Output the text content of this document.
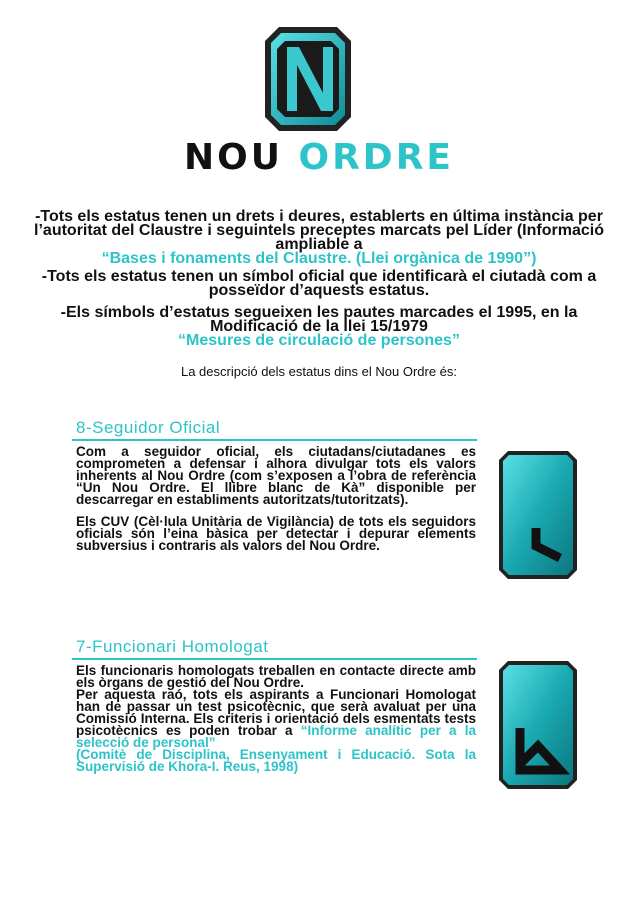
NOU ORDRE
-Tots els estatus tenen un drets i deures, establerts en última instància per l’autoritat del Claustre i seguintels preceptes marcats pel Líder (Informació ampliable a
“Bases i fonaments del Claustre. (Llei orgànica de 1990”)
-Tots els estatus tenen un símbol oficial que identificarà el ciutadà com a posseïdor d’aquests estatus.
-Els símbols d’estatus segueixen les pautes marcades el 1995, en la Modificació de la llei 15/1979
“Mesures de circulació de persones”
La descripció dels estatus dins el Nou Ordre és:
8-Seguidor Oficial

Com a seguidor oficial, els ciutadans/ciutadanes es comprometen a defensar i alhora divulgar tots els valors inherents al Nou Ordre (com s’exposen a l’obra de referència “Un Nou Ordre. El llibre blanc de Kà” disponible per descarregar en establiments autoritzats/tutoritzats).

Els CUV (Cèl·lula Unitària de Vigilància) de tots els seguidors oficials són l’eina bàsica per detectar i depurar elements subversius i contraris als valors del Nou Ordre.

7-Funcionari Homologat
Els funcionaris homologats treballen en contacte directe amb els òrgans de gestió del Nou Ordre.
Per aquesta raó, tots els aspirants a Funcionari Homologat han de passar un test psicotècnic, que serà avaluat per una Comissió Interna. Els criteris i orientació dels esmentats tests psicotècnics es poden trobar a “Informe analític per a la selecció de personal”
(Comitè de Disciplina, Ensenyament i Educació. Sota la Supervisió de Khora-I. Reus, 1998)
